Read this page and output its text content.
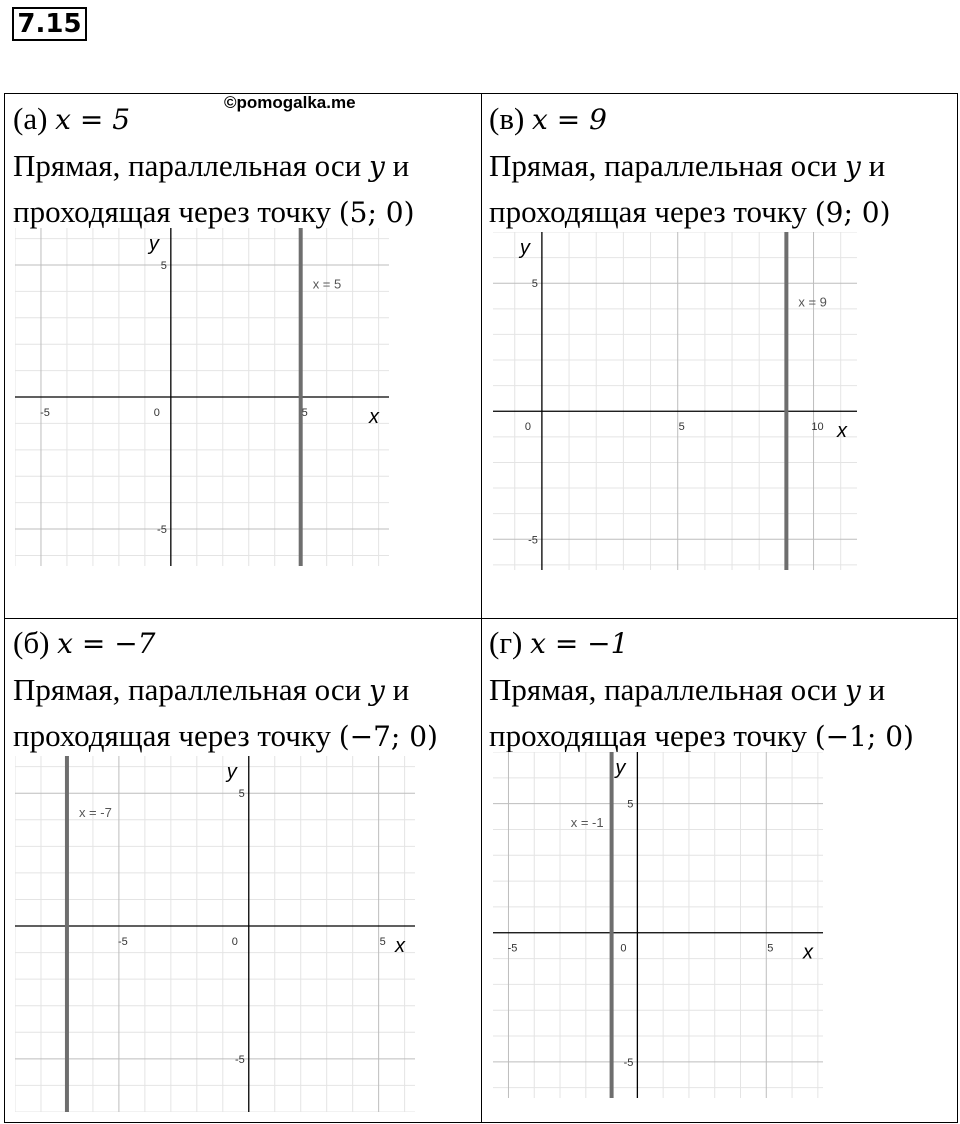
7.15
(а) x = 5
Прямая, параллельная оси y и
проходящая через точку (5; 0)
-5	0	5
5
-5
x
y
x = 5
(в) x = 9
Прямая, параллельная оси y и
проходящая через точку (9; 0)
0	5	10
5
-5
x
y
x = 9
(б) x = −7
Прямая, параллельная оси y и
проходящая через точку (−7; 0)
-5	0	5
5
-5
x
y
x = -7
(г) x = −1
Прямая, параллельная оси y и
проходящая через точку (−1; 0)
-5	0	5
5
-5
x
y
x = -1
©pomogalka.me
